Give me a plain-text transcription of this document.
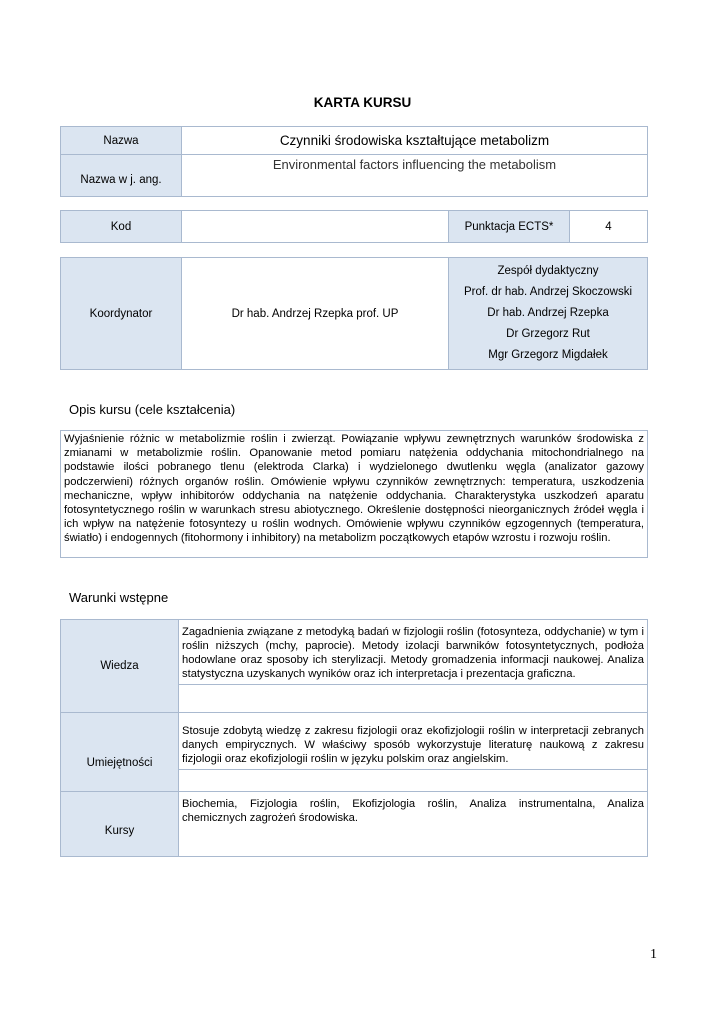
KARTA KURSU
Nazwa	Czynniki środowiska kształtujące metabolizm
Nazwa w j. ang.	Environmental factors influencing the metabolism
Kod		Punktacja ECTS*	4
Koordynator	Dr hab. Andrzej Rzepka prof. UP	
Zespół dydaktyczny
Prof. dr hab. Andrzej Skoczowski
Dr hab. Andrzej Rzepka
Dr Grzegorz Rut
Mgr Grzegorz Migdałek
Opis kursu (cele kształcenia)
Wyjaśnienie różnic w metabolizmie roślin i zwierząt. Powiązanie wpływu zewnętrznych warunków środowiska z zmianami w metabolizmie roślin. Opanowanie metod pomiaru natężenia oddychania mitochondrialnego na podstawie ilości pobranego tlenu (elektroda Clarka) i wydzielonego dwutlenku węgla (analizator gazowy podczerwieni) różnych organów roślin. Omówienie wpływu czynników zewnętrznych: temperatura, uszkodzenia mechaniczne, wpływ inhibitorów oddychania na natężenie oddychania. Charakterystyka uszkodzeń aparatu fotosyntetycznego roślin w warunkach stresu abiotycznego. Określenie dostępności nieorganicznych źródeł węgla i ich wpływ na natężenie fotosyntezy u roślin wodnych. Omówienie wpływu czynników egzogennych (temperatura, światło) i endogennych (fitohormony i inhibitory) na metabolizm początkowych etapów wzrostu i rozwoju roślin.
Warunki wstępne
Wiedza	Zagadnienia związane z metodyką badań w fizjologii roślin (fotosynteza, oddychanie) w tym i roślin niższych (mchy, paprocie). Metody izolacji barwników fotosyntetycznych, podłoża hodowlane oraz sposoby ich sterylizacji. Metody gromadzenia informacji naukowej. Analiza statystyczna uzyskanych wyników oraz ich interpretacja i prezentacja graficzna.

Umiejętności	Stosuje zdobytą wiedzę z zakresu fizjologii oraz ekofizjologii roślin w interpretacji zebranych danych empirycznych. W właściwy sposób wykorzystuje literaturę naukową z zakresu fizjologii oraz ekofizjologii roślin w języku polskim oraz angielskim.

Kursy	Biochemia, Fizjologia roślin, Ekofizjologia roślin, Analiza instrumentalna, Analiza chemicznych zagrożeń środowiska.
1
